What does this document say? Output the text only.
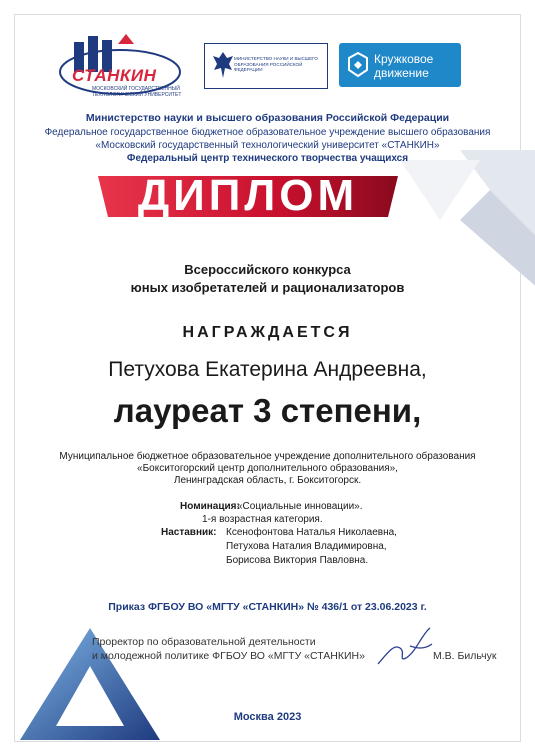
СТАНКИН
МОСКОВСКИЙ ГОСУДАРСТВЕННЫЙ ТЕХНОЛОГИЧЕСКИЙ УНИВЕРСИТЕТ
МИНИСТЕРСТВО НАУКИ И ВЫСШЕГО ОБРАЗОВАНИЯ РОССИЙСКОЙ ФЕДЕРАЦИИ
Кружковое движение
Министерство науки и высшего образования Российской Федерации
Федеральное государственное бюджетное образовательное учреждение высшего образования
«Московский государственный технологический университет «СТАНКИН»
Федеральный центр технического творчества учащихся
ДИПЛОМ
Всероссийского конкурса
юных изобретателей и рационализаторов
НАГРАЖДАЕТСЯ
Петухова Екатерина Андреевна,
лауреат 3 степени,
Муниципальное бюджетное образовательное учреждение дополнительного образования
«Бокситогорский центр дополнительного образования»,
Ленинградская область, г. Бокситогорск.
Номинация:
«Социальные инновации».
1-я возрастная категория.
Наставник: Ксенофонтова Наталья Николаевна,
Петухова Наталия Владимировна,
Борисова Виктория Павловна.
Приказ ФГБОУ ВО «МГТУ «СТАНКИН» № 436/1 от 23.06.2023 г.
Проректор по образовательной деятельности
и молодежной политике ФГБОУ ВО «МГТУ «СТАНКИН»	М.В. Бильчук
Москва 2023
